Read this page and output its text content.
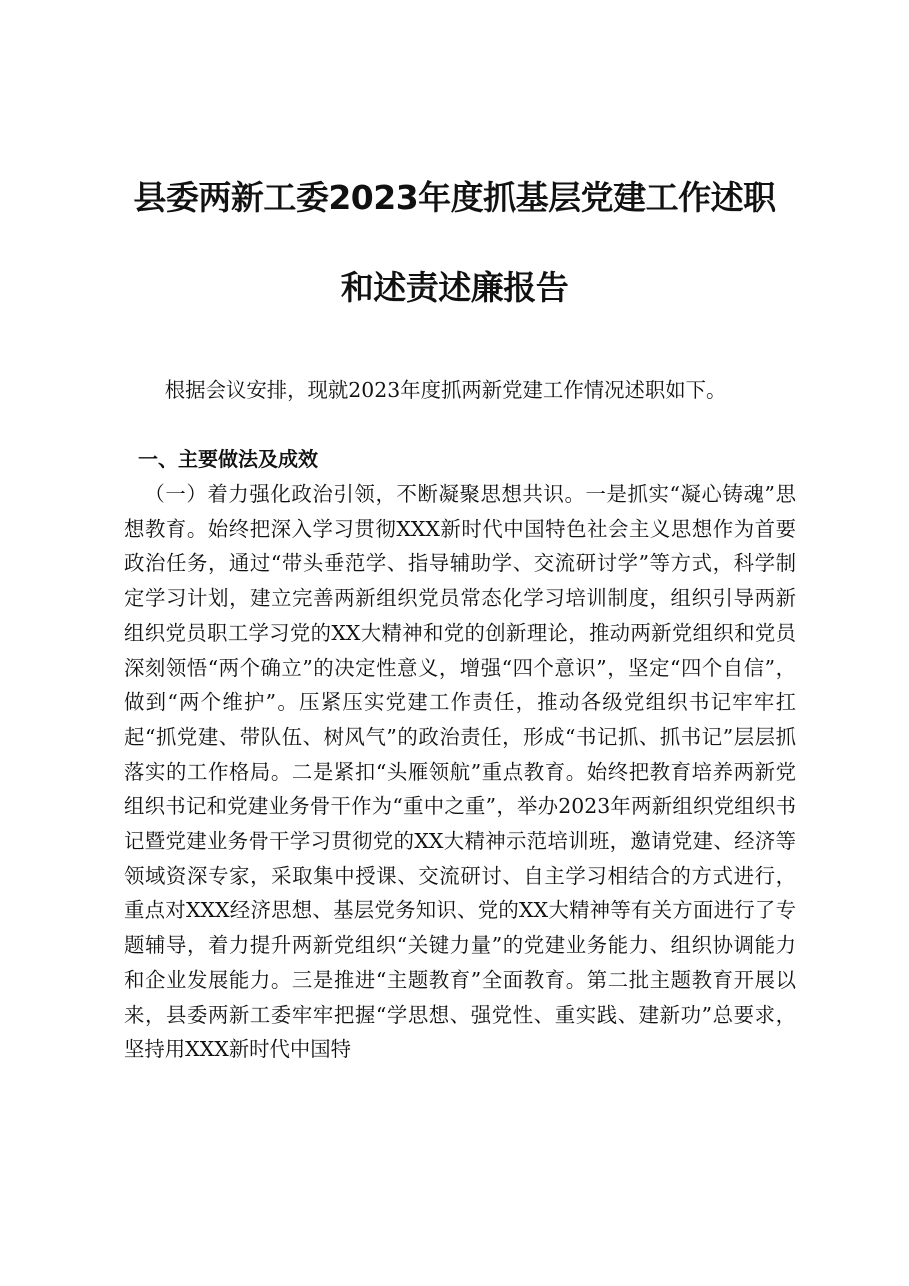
县委两新工委2023年度抓基层党建工作述职
和述责述廉报告

根据会议安排，现就2023年度抓两新党建工作情况述职如下。

一、主要做法及成效

（一）着力强化政治引领，不断凝聚思想共识。一是抓实“凝心铸魂”思想教育。始终把深入学习贯彻XXX新时代中国特色社会主义思想作为首要政治任务，通过“带头垂范学、指导辅助学、交流研讨学”等方式，科学制定学习计划，建立完善两新组织党员常态化学习培训制度，组织引导两新组织党员职工学习党的XX大精神和党的创新理论，推动两新党组织和党员深刻领悟“两个确立”的决定性意义，增强“四个意识”，坚定“四个自信”，做到“两个维护”。压紧压实党建工作责任，推动各级党组织书记牢牢扛起“抓党建、带队伍、树风气”的政治责任，形成“书记抓、抓书记”层层抓落实的工作格局。二是紧扣“头雁领航”重点教育。始终把教育培养两新党组织书记和党建业务骨干作为“重中之重”，举办2023年两新组织党组织书记暨党建业务骨干学习贯彻党的XX大精神示范培训班，邀请党建、经济等领域资深专家，采取集中授课、交流研讨、自主学习相结合的方式进行，重点对XXX经济思想、基层党务知识、党的XX大精神等有关方面进行了专题辅导，着力提升两新党组织“关键力量”的党建业务能力、组织协调能力和企业发展能力。三是推进“主题教育”全面教育。第二批主题教育开展以来，县委两新工委牢牢把握“学思想、强党性、重实践、建新功”总要求，坚持用XXX新时代中国特
